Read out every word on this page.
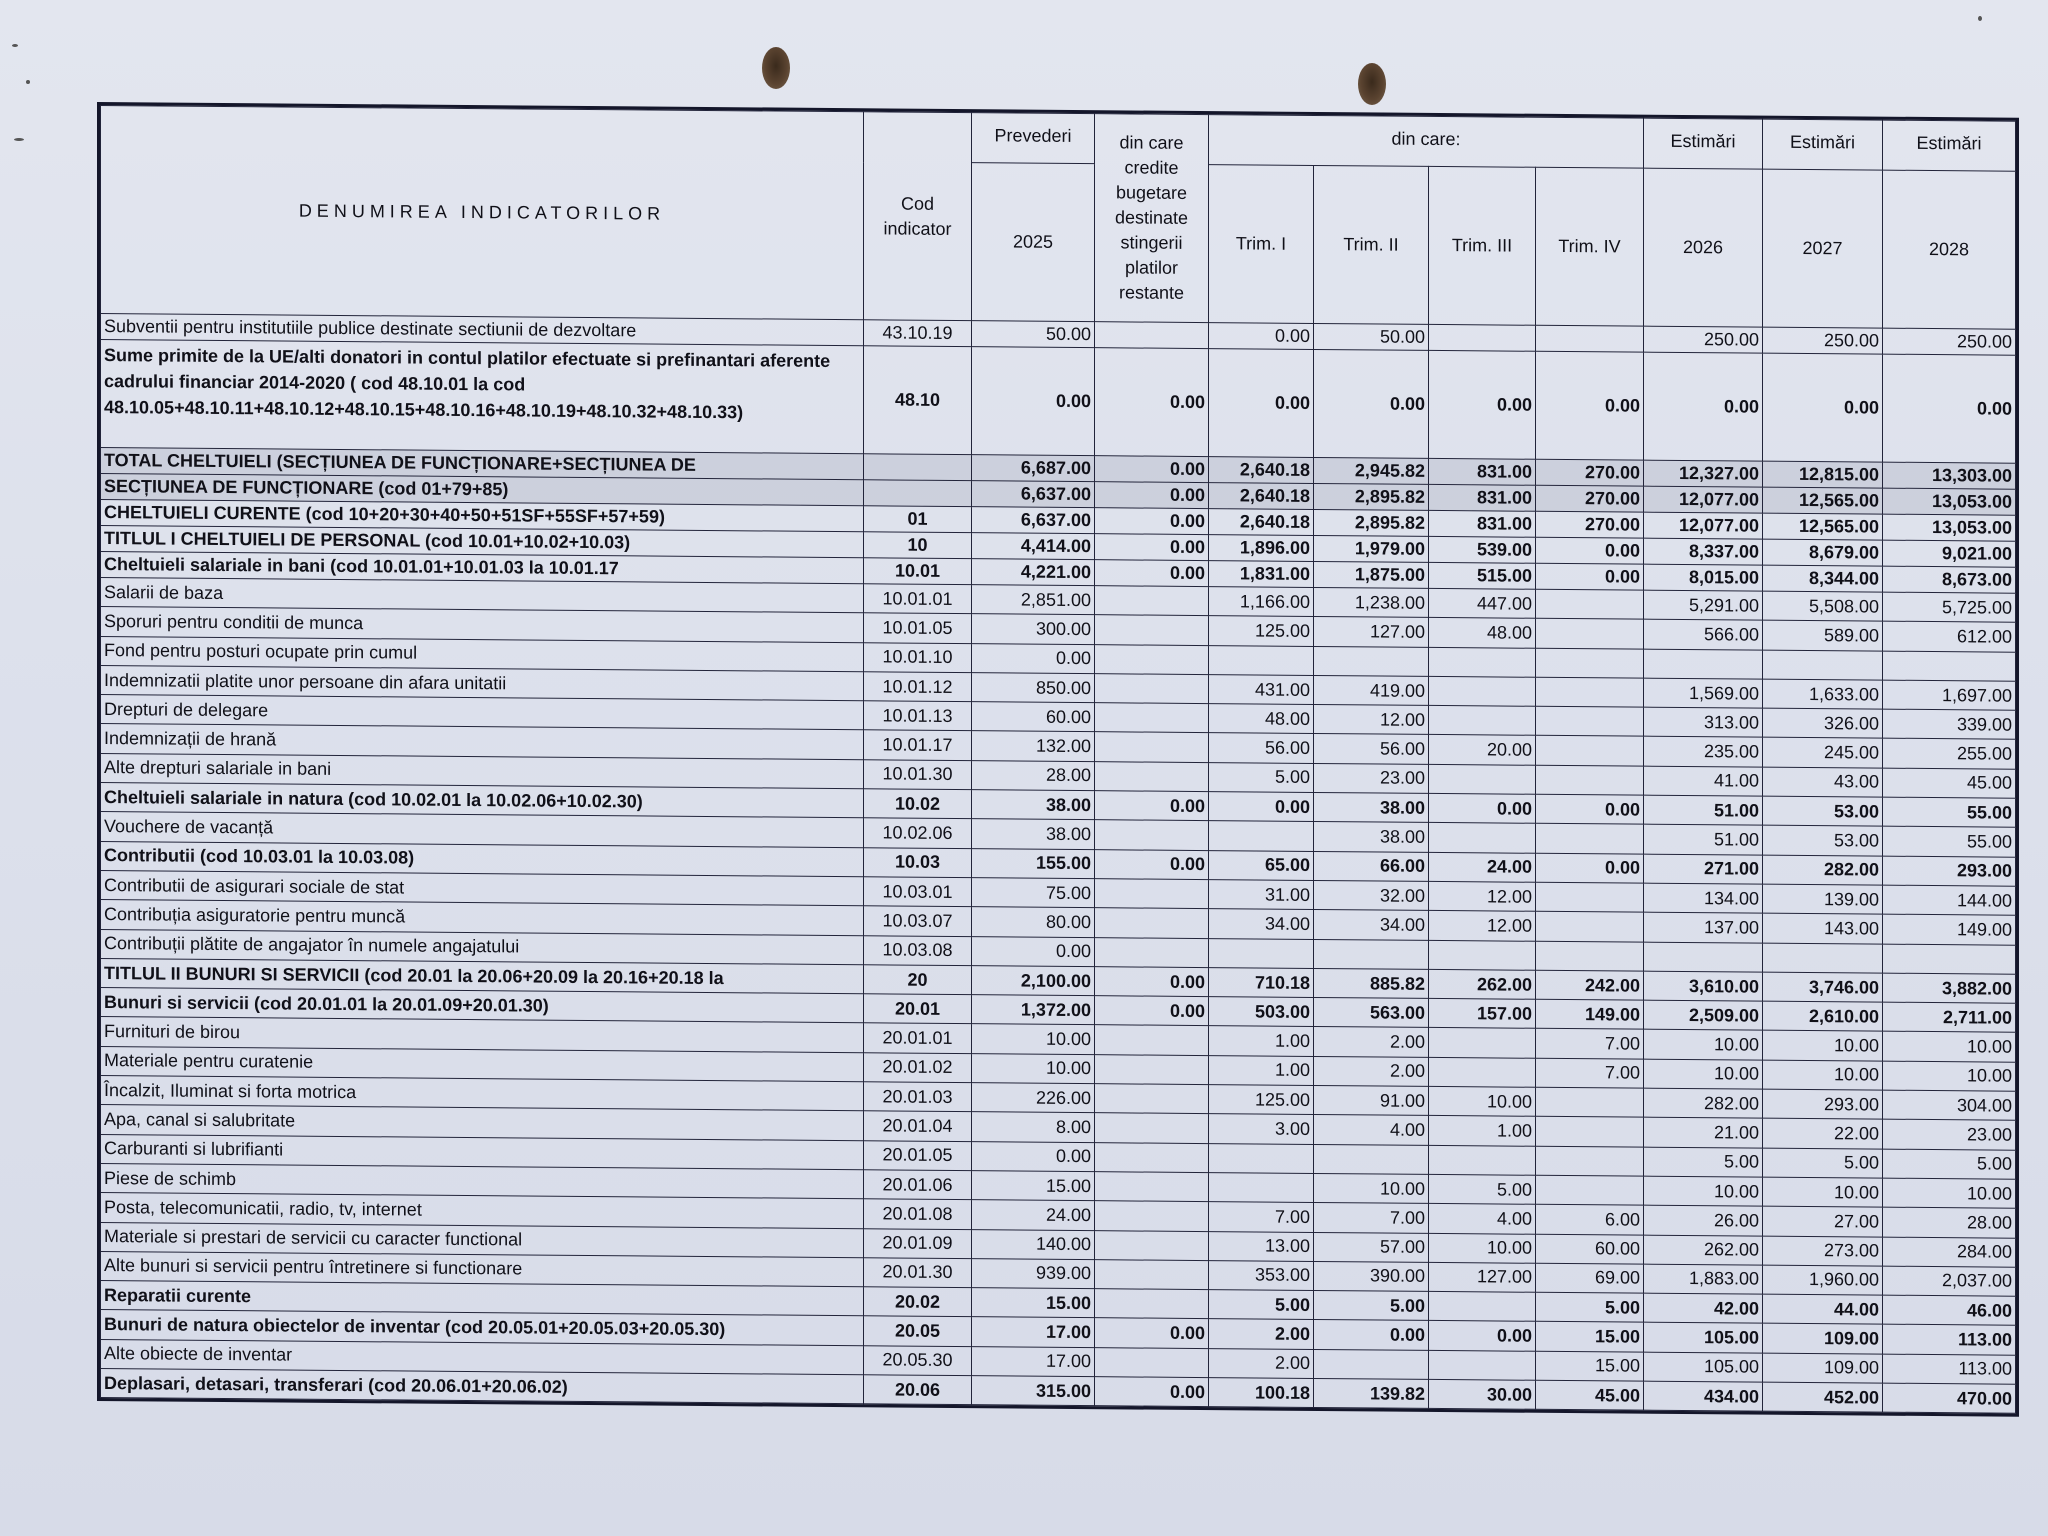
DENUMIREA INDICATORILOR	Cod indicator	Prevederi	din care credite bugetare destinate stingerii platilor restante	din care:				Estimări	Estimări	Estimări
		2025		Trim. I	Trim. II	Trim. III	Trim. IV	2026	2027	2028
Subventii pentru institutiile publice destinate sectiunii de dezvoltare	43.10.19	50.00		0.00	50.00			250.00	250.00	250.00
Sume primite de la UE/alti donatori in contul platilor efectuate si prefinantari aferente cadrului financiar 2014-2020 ( cod 48.10.01 la cod 48.10.05+48.10.11+48.10.12+48.10.15+48.10.16+48.10.19+48.10.32+48.10.33)	48.10	0.00	0.00	0.00	0.00	0.00	0.00	0.00	0.00	0.00
TOTAL CHELTUIELI (SECȚIUNEA DE FUNCȚIONARE+SECȚIUNEA DE		6,687.00	0.00	2,640.18	2,945.82	831.00	270.00	12,327.00	12,815.00	13,303.00
SECȚIUNEA DE FUNCȚIONARE (cod 01+79+85)		6,637.00	0.00	2,640.18	2,895.82	831.00	270.00	12,077.00	12,565.00	13,053.00
CHELTUIELI CURENTE (cod 10+20+30+40+50+51SF+55SF+57+59)	01	6,637.00	0.00	2,640.18	2,895.82	831.00	270.00	12,077.00	12,565.00	13,053.00
TITLUL I CHELTUIELI DE PERSONAL (cod 10.01+10.02+10.03)	10	4,414.00	0.00	1,896.00	1,979.00	539.00	0.00	8,337.00	8,679.00	9,021.00
Cheltuieli salariale in bani (cod 10.01.01+10.01.03 la 10.01.17	10.01	4,221.00	0.00	1,831.00	1,875.00	515.00	0.00	8,015.00	8,344.00	8,673.00
Salarii de baza	10.01.01	2,851.00		1,166.00	1,238.00	447.00		5,291.00	5,508.00	5,725.00
Sporuri pentru conditii de munca	10.01.05	300.00		125.00	127.00	48.00		566.00	589.00	612.00
Fond pentru posturi ocupate prin cumul	10.01.10	0.00								
Indemnizatii platite unor persoane din afara unitatii	10.01.12	850.00		431.00	419.00			1,569.00	1,633.00	1,697.00
Drepturi de delegare	10.01.13	60.00		48.00	12.00			313.00	326.00	339.00
Indemnizații de hrană	10.01.17	132.00		56.00	56.00	20.00		235.00	245.00	255.00
Alte drepturi salariale in bani	10.01.30	28.00		5.00	23.00			41.00	43.00	45.00
Cheltuieli salariale in natura (cod 10.02.01 la 10.02.06+10.02.30)	10.02	38.00	0.00	0.00	38.00	0.00	0.00	51.00	53.00	55.00
Vouchere de vacanță	10.02.06	38.00			38.00			51.00	53.00	55.00
Contributii (cod 10.03.01 la 10.03.08)	10.03	155.00	0.00	65.00	66.00	24.00	0.00	271.00	282.00	293.00
Contributii de asigurari sociale de stat	10.03.01	75.00		31.00	32.00	12.00		134.00	139.00	144.00
Contribuția asiguratorie pentru muncă	10.03.07	80.00		34.00	34.00	12.00		137.00	143.00	149.00
Contribuții plătite de angajator în numele angajatului	10.03.08	0.00								
TITLUL II BUNURI SI SERVICII (cod 20.01 la 20.06+20.09 la 20.16+20.18 la	20	2,100.00	0.00	710.18	885.82	262.00	242.00	3,610.00	3,746.00	3,882.00
Bunuri si servicii (cod 20.01.01 la 20.01.09+20.01.30)	20.01	1,372.00	0.00	503.00	563.00	157.00	149.00	2,509.00	2,610.00	2,711.00
Furnituri de birou	20.01.01	10.00		1.00	2.00		7.00	10.00	10.00	10.00
Materiale pentru curatenie	20.01.02	10.00		1.00	2.00		7.00	10.00	10.00	10.00
Încalzit, Iluminat si forta motrica	20.01.03	226.00		125.00	91.00	10.00		282.00	293.00	304.00
Apa, canal si salubritate	20.01.04	8.00		3.00	4.00	1.00		21.00	22.00	23.00
Carburanti si lubrifianti	20.01.05	0.00						5.00	5.00	5.00
Piese de schimb	20.01.06	15.00			10.00	5.00		10.00	10.00	10.00
Posta, telecomunicatii, radio, tv, internet	20.01.08	24.00		7.00	7.00	4.00	6.00	26.00	27.00	28.00
Materiale si prestari de servicii cu caracter functional	20.01.09	140.00		13.00	57.00	10.00	60.00	262.00	273.00	284.00
Alte bunuri si servicii pentru întretinere si functionare	20.01.30	939.00		353.00	390.00	127.00	69.00	1,883.00	1,960.00	2,037.00
Reparatii curente	20.02	15.00		5.00	5.00		5.00	42.00	44.00	46.00
Bunuri de natura obiectelor de inventar (cod 20.05.01+20.05.03+20.05.30)	20.05	17.00	0.00	2.00	0.00	0.00	15.00	105.00	109.00	113.00
Alte obiecte de inventar	20.05.30	17.00		2.00			15.00	105.00	109.00	113.00
Deplasari, detasari, transferari (cod 20.06.01+20.06.02)	20.06	315.00	0.00	100.18	139.82	30.00	45.00	434.00	452.00	470.00
